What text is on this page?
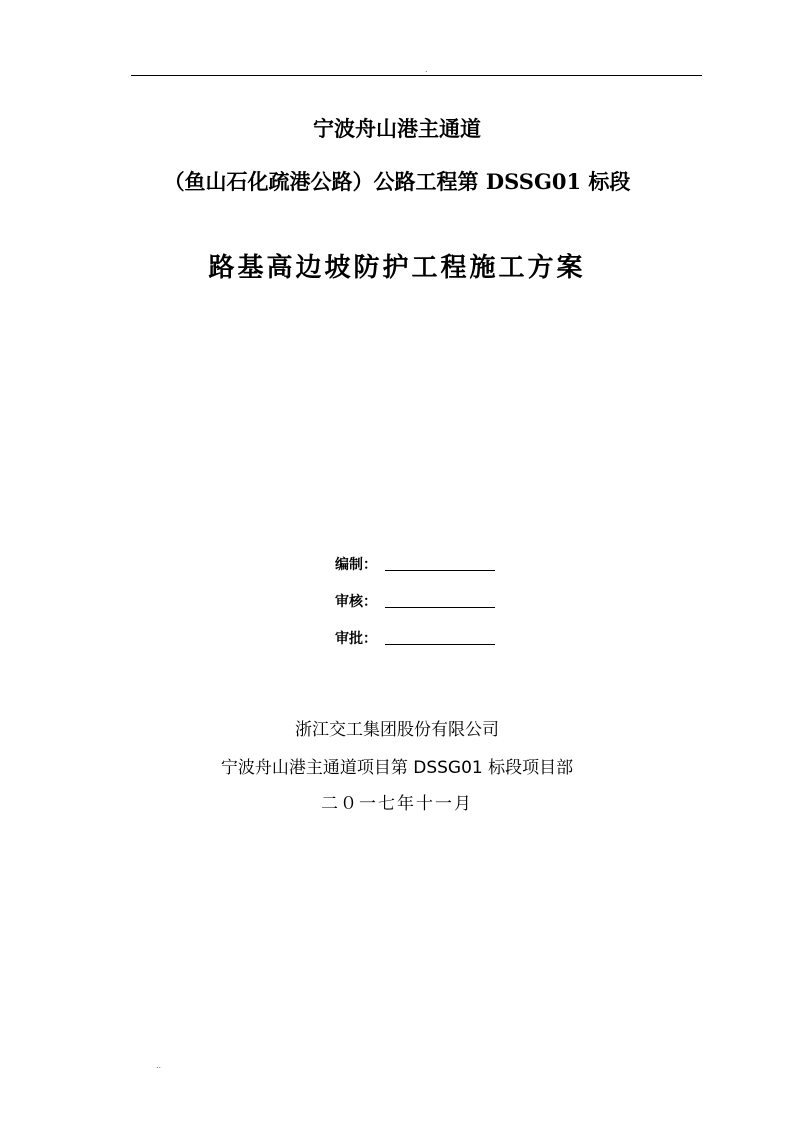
.
宁波舟山港主通道
（鱼山石化疏港公路）公路工程第 DSSG01 标段
路基高边坡防护工程施工方案
编制：
审核：
审批：
浙江交工集团股份有限公司
宁波舟山港主通道项目第 DSSG01 标段项目部
二０一七年十一月
..
